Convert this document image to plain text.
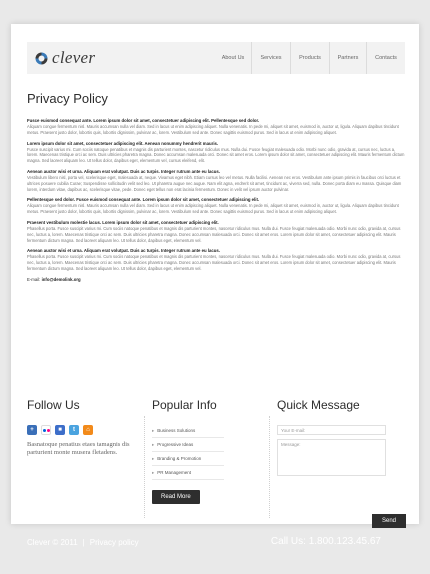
clever	About Us	Services	Products	Partners	Contacts
Privacy Policy
Fusce euismod consequat ante. Lorem ipsum dolor sit amet, consectetuer adipiscing elit. Pellentesque sed dolor.
Aliquam congue fermentum nisl. Mauris accumsan nulla vel diam. Sed in lacus ut enim adipiscing aliquet. Nulla venenatis. In pede mi, aliquet sit amet, euismod in, auctor ut, ligula. Aliquam dapibus tincidunt metus. Praesent justo dolor, lobortis quis, lobortis dignissim, pulvinar ac, lorem. Vestibulum sed ante. Donec sagittis euismod purus. Sed in lacus ut enim adipiscing aliquet.
Lorem ipsum dolor sit amet, consectetuer adipiscing elit. Aenean nonummy hendrerit mauris.
Fusce suscipit varius mi. Cum sociis natoque penatibus et magnis dis parturient montes, nascetur ridiculus mus. Nulla dui. Fusce feugiat malesuada odio. Morbi nunc odio, gravida at, cursus nec, luctus a, lorem. Maecenas tristique orci ac sem. Duis ultricies pharetra magna. Donec accumsan malesuada orci. Donec sit amet eros. Lorem ipsum dolor sit amet, consectetuer adipiscing elit. Mauris fermentum dictum magna. Sed laoreet aliquam leo. Ut tellus dolor, dapibus eget, elementum vel, cursus eleifend, elit.
Aenean auctor wisi et urna. Aliquam erat volutpat. Duis ac turpis. Integer rutrum ante eu lacus.
Vestibulum libero nisl, porta vel, scelerisque eget, malesuada at, neque. Vivamus eget nibh. Etiam cursus leo vel metus. Nulla facilisi. Aenean nec eros. Vestibulum ante ipsum primis in faucibus orci luctus et ultrices posuere cubilia Curae; Suspendisse sollicitudin velit sed leo. Ut pharetra augue nec augue. Nam elit agna, endrerit sit amet, tincidunt ac, viverra sed, nulla. Donec porta diam eu massa. Quisque diam lorem, interdum vitae, dapibus ac, scelerisque vitae, pede. Donec eget tellus non erat lacinia fermentum. Donec in velit vel ipsum auctor pulvinar.
Pellentesque sed dolor. Fusce euismod consequat ante. Lorem ipsum dolor sit amet, consectetuer adipiscing elit.
Aliquam congue fermentum nisl. Mauris accumsan nulla vel diam. Sed in lacus ut enim adipiscing aliquet. Nulla venenatis. In pede mi, aliquet sit amet, euismod in, auctor ut, ligula. Aliquam dapibus tincidunt metus. Praesent justo dolor, lobortis quis, lobortis dignissim, pulvinar ac, lorem. Vestibulum sed ante. Donec sagittis euismod purus. Sed in lacus ut enim adipiscing aliquet.
Praesent vestibulum molestie lacus. Lorem ipsum dolor sit amet, consectetuer adipiscing elit.
Phasellus porta. Fusce suscipit varius mi. Cum sociis natoque penatibus et magnis dis parturient montes, nascetur ridiculus mus. Nulla dui. Fusce feugiat malesuada odio. Morbi nunc odio, gravida at, cursus nec, luctus a, lorem. Maecenas tristique orci ac sem. Duis ultricies pharetra magna. Donec accumsan malesuada orci. Donec sit amet eros. Lorem ipsum dolor sit amet, consectetuer adipiscing elit. Mauris fermentum dictum magna. Sed laoreet aliquam leo. Ut tellus dolor, dapibus eget, elementum vel.
Aenean auctor wisi et urna. Aliquam erat volutpat. Duis ac turpis. Integer rutrum ante eu lacus.
Phasellus porta. Fusce suscipit varius mi. Cum sociis natoque penatibus et magnis dis parturient montes, nascetur ridiculus mus. Nulla dui. Fusce feugiat malesuada odio. Morbi nunc odio, gravida at, cursus nec, luctus a, lorem. Maecenas tristique orci ac sem. Duis ultricies pharetra magna. Donec accumsan malesuada orci. Donec sit amet eros. Lorem ipsum dolor sit amet, consectetuer adipiscing elit. Mauris fermentum dictum magna. Sed laoreet aliquam leo. Ut tellus dolor, dapibus eget, elementum vel.
E-mail: info@demolink.org
Follow Us
+	■	t	⌂
Basnatoque penatius etaes tamagnis dis parturient monte musera fletadens.
Popular Info
▸ Business Solutions
▸ Progressive Ideas
▸ Branding & Promotion
▸ PR Management
Read More
Quick Message
Your E-mail:
Message:
Send
Clever © 2011 | Privacy policy	Call Us: 1.800.123.45.67
